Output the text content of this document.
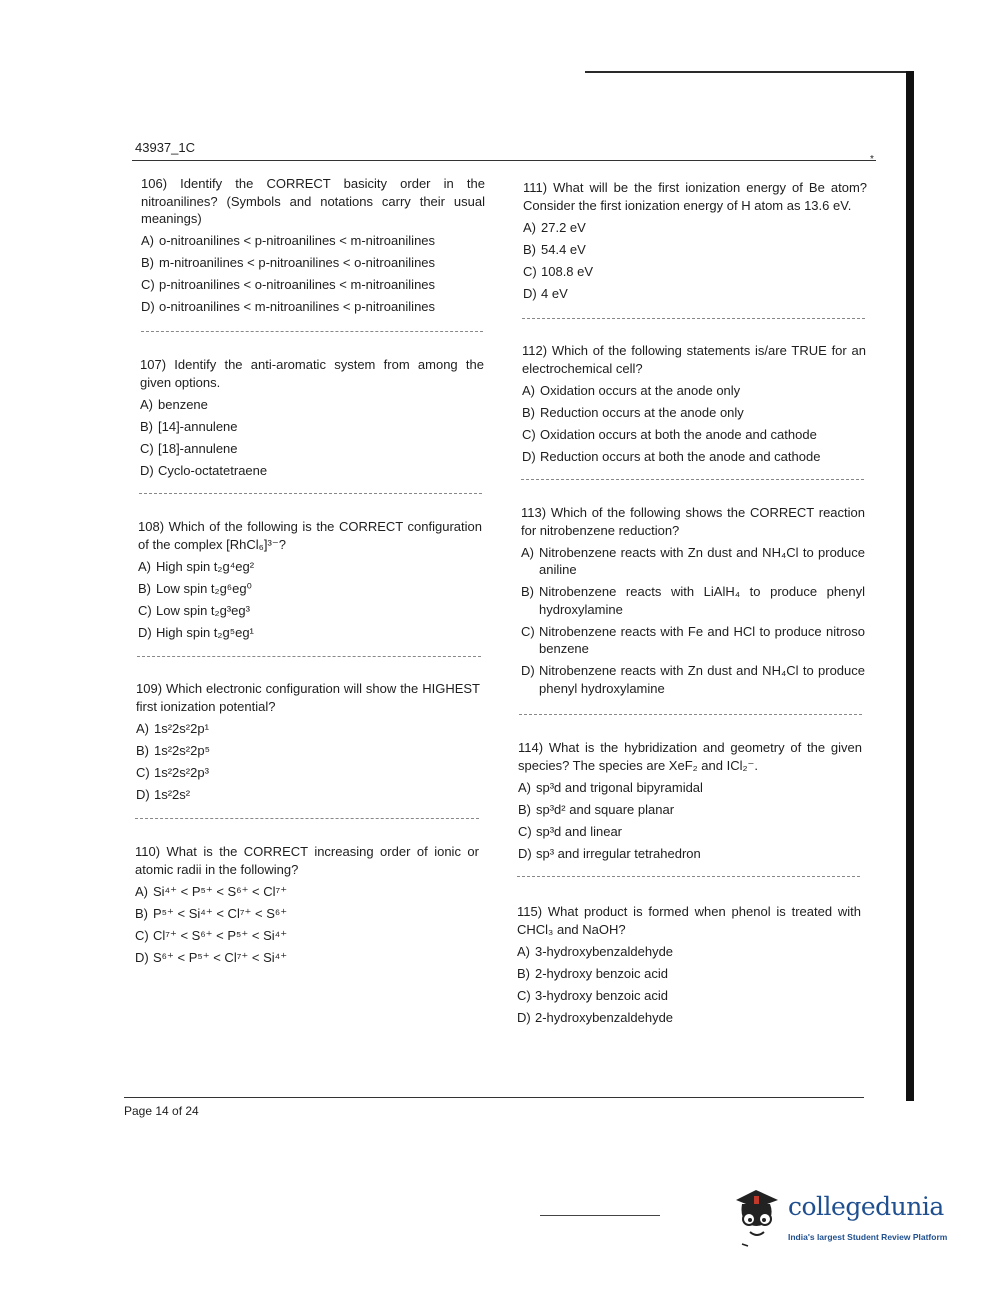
43937_1C
*
106) Identify the CORRECT basicity order in the nitroanilines? (Symbols and notations carry their usual meanings)
A) o-nitroanilines < p-nitroanilines < m-nitroanilines
B) m-nitroanilines < p-nitroanilines < o-nitroanilines
C) p-nitroanilines < o-nitroanilines < m-nitroanilines
D) o-nitroanilines < m-nitroanilines < p-nitroanilines
107) Identify the anti-aromatic system from among the given options.
A) benzene
B) [14]-annulene
C) [18]-annulene
D) Cyclo-octatetraene
108) Which of the following is the CORRECT configuration of the complex [RhCl₆]³⁻?
A) High spin t₂g⁴eg²
B) Low spin t₂g⁶eg⁰
C) Low spin t₂g³eg³
D) High spin t₂g⁵eg¹
109) Which electronic configuration will show the HIGHEST first ionization potential?
A) 1s²2s²2p¹
B) 1s²2s²2p⁵
C) 1s²2s²2p³
D) 1s²2s²
110) What is the CORRECT increasing order of ionic or atomic radii in the following?
A) Si⁴⁺ < P⁵⁺ < S⁶⁺ < Cl⁷⁺
B) P⁵⁺ < Si⁴⁺ < Cl⁷⁺ < S⁶⁺
C) Cl⁷⁺ < S⁶⁺ < P⁵⁺ < Si⁴⁺
D) S⁶⁺ < P⁵⁺ < Cl⁷⁺ < Si⁴⁺
111) What will be the first ionization energy of Be atom? Consider the first ionization energy of H atom as 13.6 eV.
A) 27.2 eV
B) 54.4 eV
C) 108.8 eV
D) 4 eV
112) Which of the following statements is/are TRUE for an electrochemical cell?
A) Oxidation occurs at the anode only
B) Reduction occurs at the anode only
C) Oxidation occurs at both the anode and cathode
D) Reduction occurs at both the anode and cathode
113) Which of the following shows the CORRECT reaction for nitrobenzene reduction?
A) Nitrobenzene reacts with Zn dust and NH₄Cl to produce aniline
B) Nitrobenzene reacts with LiAlH₄ to produce phenyl hydroxylamine
C) Nitrobenzene reacts with Fe and HCl to produce nitroso benzene
D) Nitrobenzene reacts with Zn dust and NH₄Cl to produce phenyl hydroxylamine
114) What is the hybridization and geometry of the given species? The species are XeF₂ and ICl₂⁻.
A) sp³d and trigonal bipyramidal
B) sp³d² and square planar
C) sp³d and linear
D) sp³ and irregular tetrahedron
115) What product is formed when phenol is treated with CHCl₃ and NaOH?
A) 3-hydroxybenzaldehyde
B) 2-hydroxy benzoic acid
C) 3-hydroxy benzoic acid
D) 2-hydroxybenzaldehyde
Page 14 of 24
collegedunia
India's largest Student Review Platform
